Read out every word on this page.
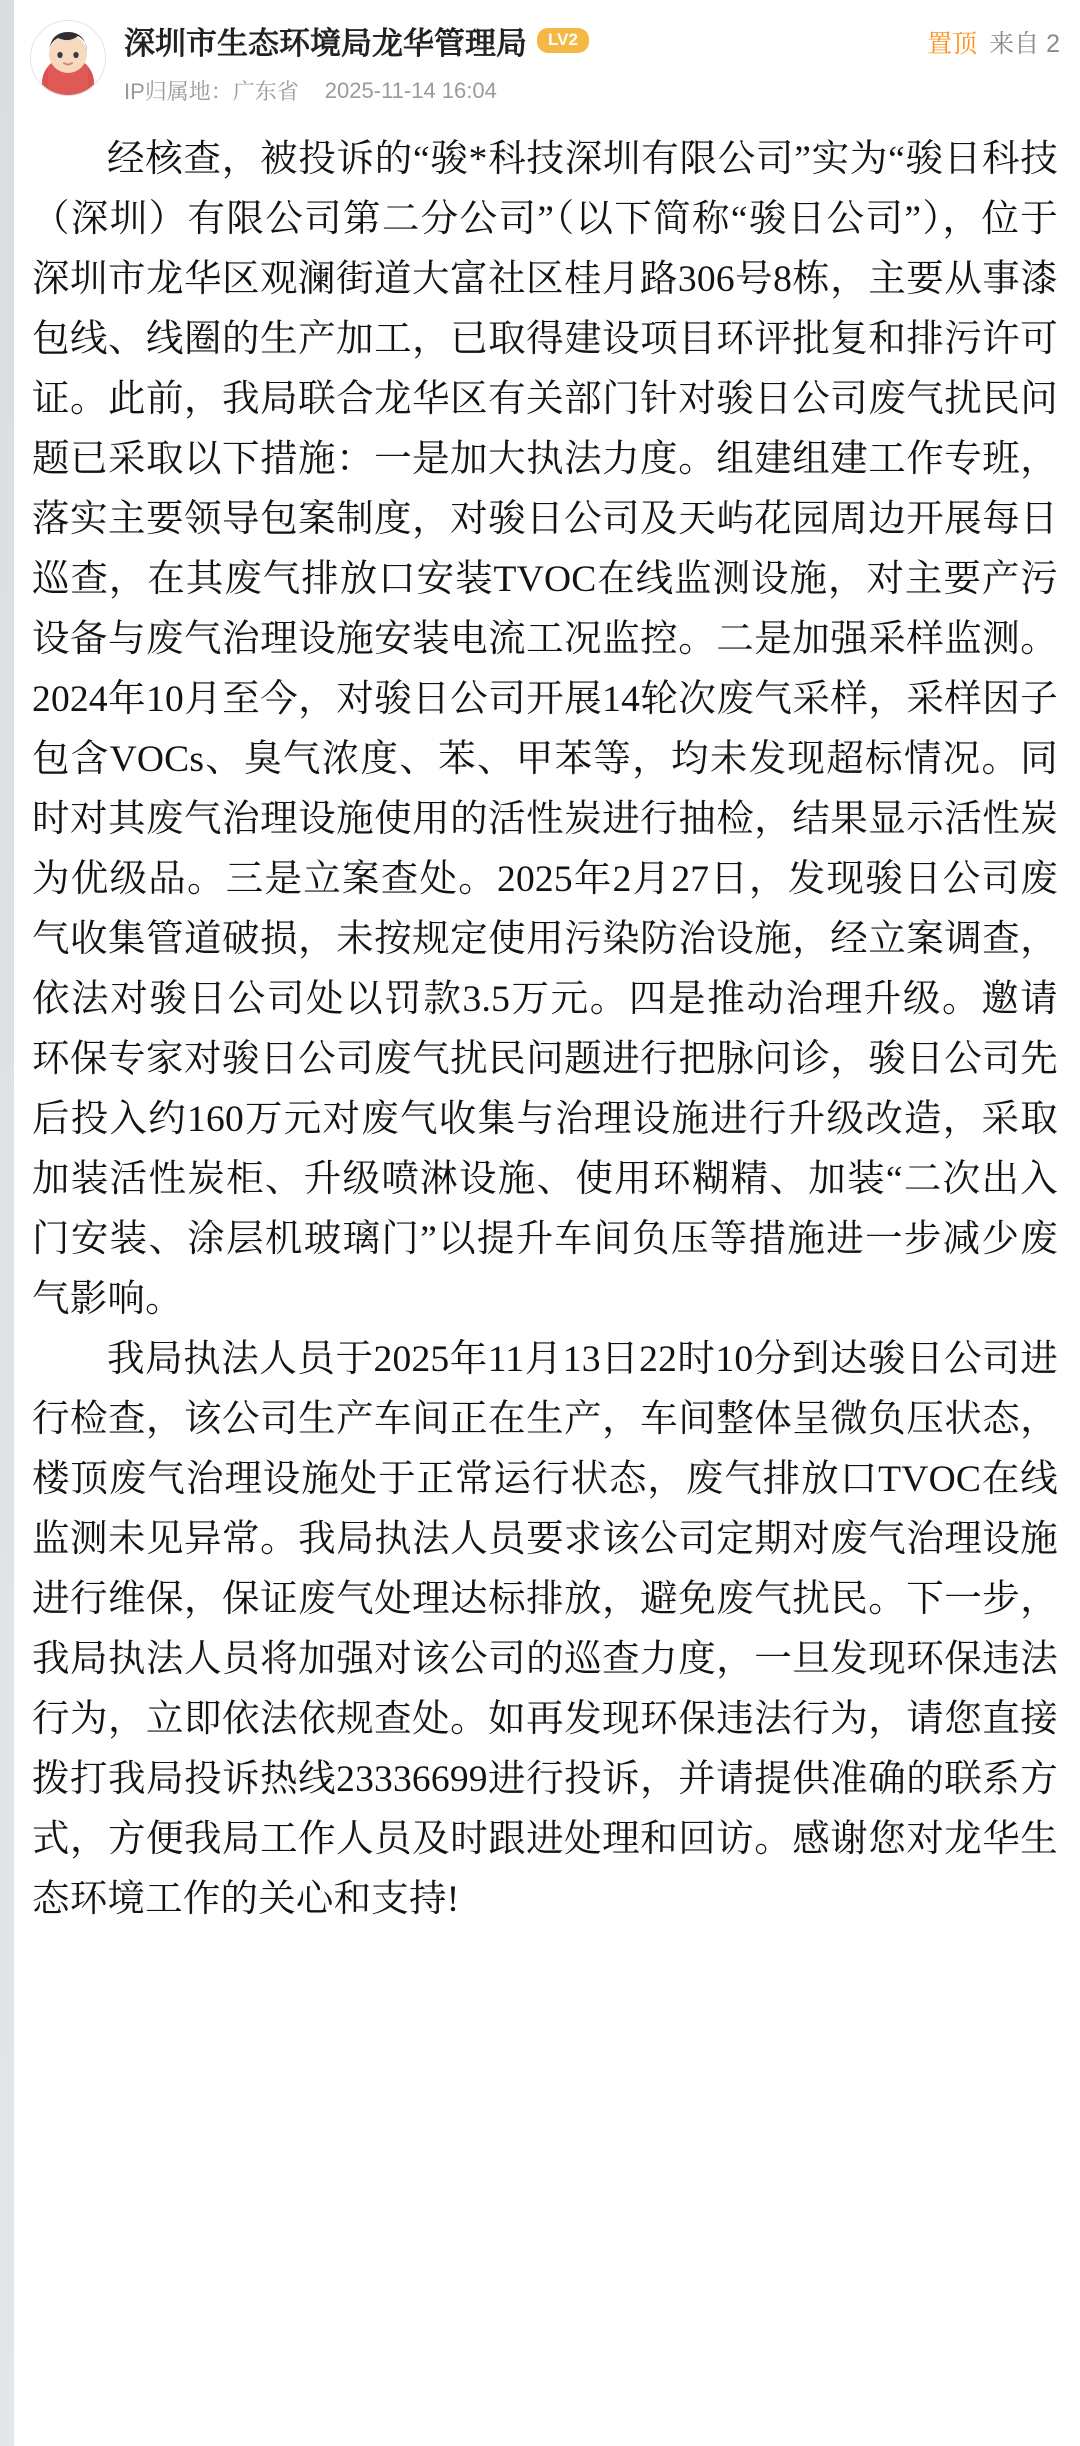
深圳市生态环境局龙华管理局	LV2
IP归属地：广东省 2025-11-14 16:04
置顶 来自 2

经核查，被投诉的“骏*科技深圳有限公司”实为“骏日科技（深圳）有限公司第二分公司”（以下简称“骏日公司”），位于深圳市龙华区观澜街道大富社区桂月路306号8栋，主要从事漆包线、线圈的生产加工，已取得建设项目环评批复和排污许可证。此前，我局联合龙华区有关部门针对骏日公司废气扰民问题已采取以下措施：一是加大执法力度。组建组建工作专班，落实主要领导包案制度，对骏日公司及天屿花园周边开展每日巡查，在其废气排放口安装TVOC在线监测设施，对主要产污设备与废气治理设施安装电流工况监控。二是加强采样监测。2024年10月至今，对骏日公司开展14轮次废气采样，采样因子包含VOCs、臭气浓度、苯、甲苯等，均未发现超标情况。同时对其废气治理设施使用的活性炭进行抽检，结果显示活性炭为优级品。三是立案查处。2025年2月27日，发现骏日公司废气收集管道破损，未按规定使用污染防治设施，经立案调查，依法对骏日公司处以罚款3.5万元。四是推动治理升级。邀请环保专家对骏日公司废气扰民问题进行把脉问诊，骏日公司先后投入约160万元对废气收集与治理设施进行升级改造，采取加装活性炭柜、升级喷淋设施、使用环糊精、加装“二次出入门安装、涂层机玻璃门”以提升车间负压等措施进一步减少废气影响。

我局执法人员于2025年11月13日22时10分到达骏日公司进行检查，该公司生产车间正在生产，车间整体呈微负压状态，楼顶废气治理设施处于正常运行状态，废气排放口TVOC在线监测未见异常。我局执法人员要求该公司定期对废气治理设施进行维保，保证废气处理达标排放，避免废气扰民。下一步，我局执法人员将加强对该公司的巡查力度，一旦发现环保违法行为，立即依法依规查处。如再发现环保违法行为，请您直接拨打我局投诉热线23336699进行投诉，并请提供准确的联系方式，方便我局工作人员及时跟进处理和回访。感谢您对龙华生态环境工作的关心和支持!
